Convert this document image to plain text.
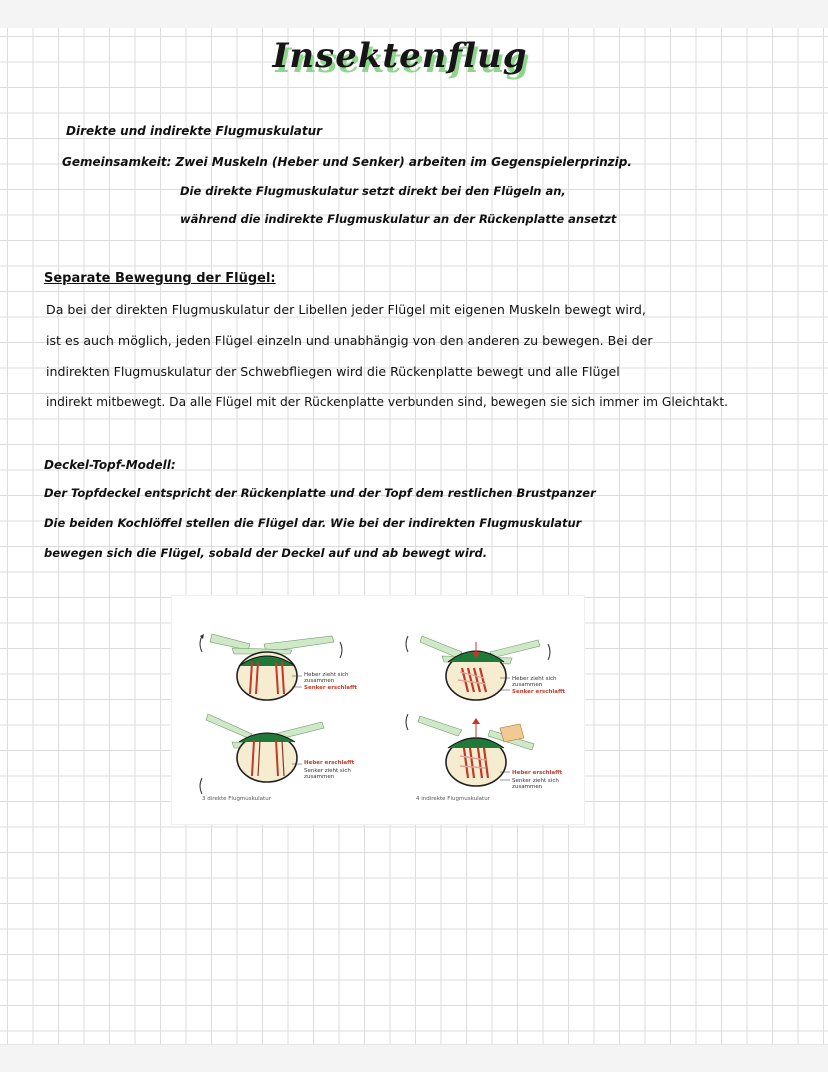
Insektenflug
Direkte und indirekte Flugmuskulatur
Gemeinsamkeit: Zwei Muskeln (Heber und Senker) arbeiten im Gegenspielerprinzip.
Die direkte Flugmuskulatur setzt direkt bei den Flügeln an,
während die indirekte Flugmuskulatur an der Rückenplatte ansetzt
Separate Bewegung der Flügel:
Da bei der direkten Flugmuskulatur der Libellen jeder Flügel mit eigenen Muskeln bewegt wird,
ist es auch möglich, jeden Flügel einzeln und unabhängig von den anderen zu bewegen. Bei der
indirekten Flugmuskulatur der Schwebfliegen wird die Rückenplatte bewegt und alle Flügel
indirekt mitbewegt. Da alle Flügel mit der Rückenplatte verbunden sind, bewegen sie sich immer im Gleichtakt.
Deckel-Topf-Modell:
Der Topfdeckel entspricht der Rückenplatte und der Topf dem restlichen Brustpanzer
Die beiden Kochlöffel stellen die Flügel dar. Wie bei der indirekten Flugmuskulatur
bewegen sich die Flügel, sobald der Deckel auf und ab bewegt wird.
Heber zieht sich
zusammen
Senker erschlafft
Heber erschlafft
Senker zieht sich
zusammen
3 direkte Flugmuskulatur
Heber zieht sich
zusammen
Senker erschlafft
Heber erschlafft
Senker zieht sich
zusammen
4 indirekte Flugmuskulatur
